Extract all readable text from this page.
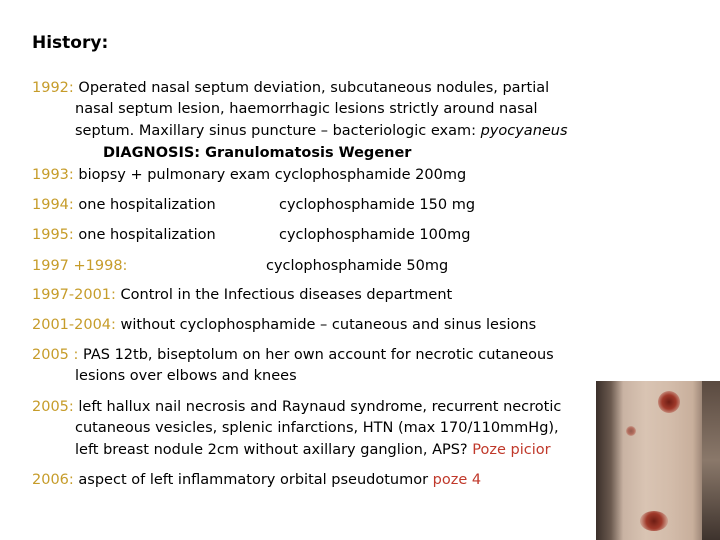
History:
1992: Operated nasal septum deviation, subcutaneous nodules, partial
nasal septum lesion, haemorrhagic lesions strictly around nasal
septum. Maxillary sinus puncture – bacteriologic exam: pyocyaneus
DIAGNOSIS: Granulomatosis Wegener
1993: biopsy + pulmonary exam cyclophosphamide 200mg
1994: one hospitalization	cyclophosphamide 150 mg
1995: one hospitalization	cyclophosphamide 100mg
1997 +1998:	cyclophosphamide 50mg
1997-2001: Control in the Infectious diseases department
2001-2004: without cyclophosphamide – cutaneous and sinus lesions
2005 : PAS 12tb, biseptolum on her own account for necrotic cutaneous
lesions over elbows and knees
2005: left hallux nail necrosis and Raynaud syndrome, recurrent necrotic
cutaneous vesicles, splenic infarctions, HTN (max 170/110mmHg),
left breast nodule 2cm without axillary ganglion, APS? Poze picior
2006: aspect of left inflammatory orbital pseudotumor poze 4
